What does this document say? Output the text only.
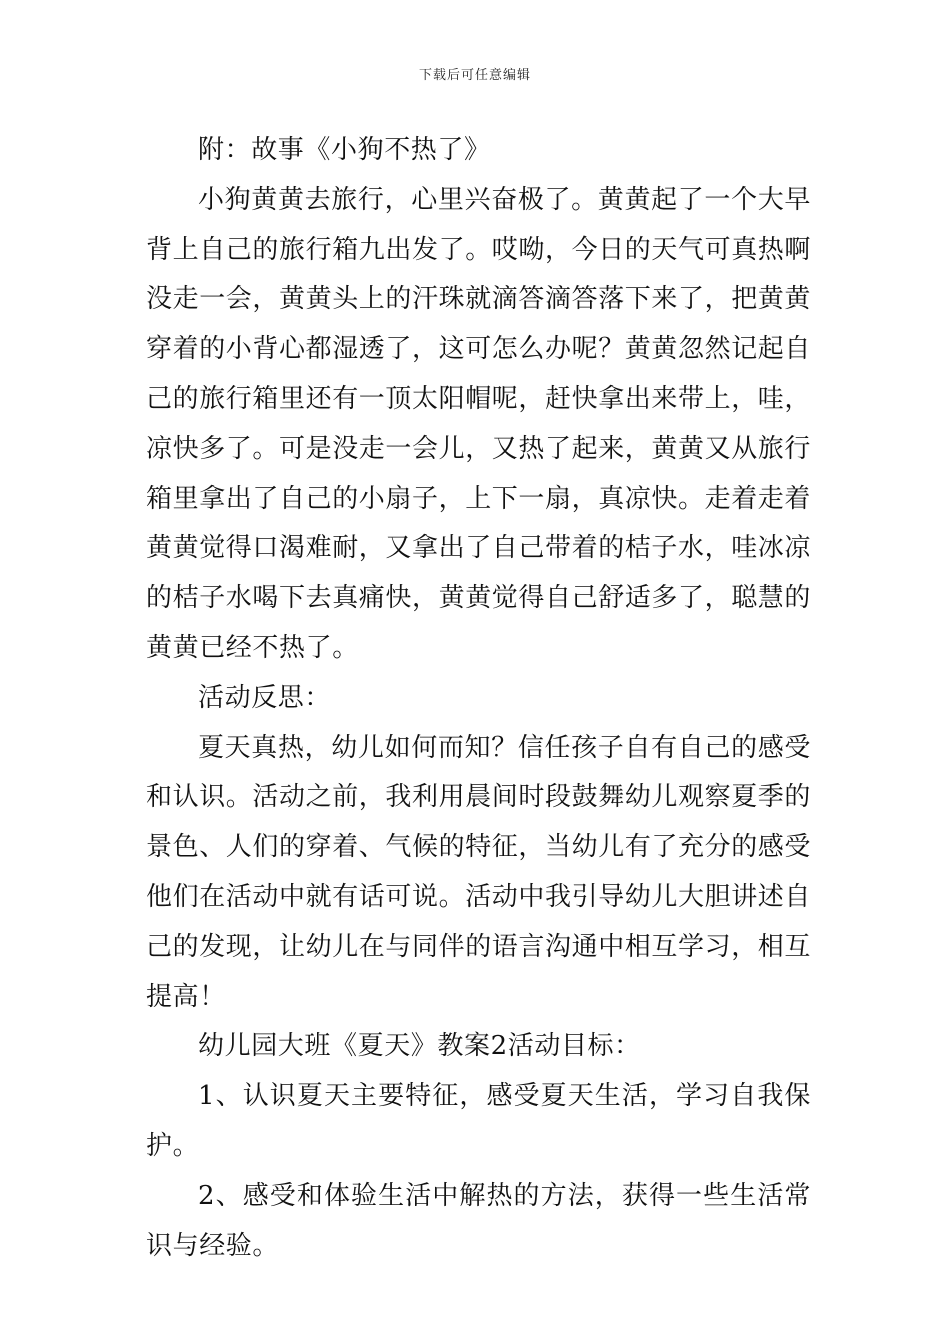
下载后可任意编辑

附：故事《小狗不热了》

小狗黄黄去旅行，心里兴奋极了。黄黄起了一个大早背上自己的旅行箱九出发了。哎呦，今日的天气可真热啊没走一会，黄黄头上的汗珠就滴答滴答落下来了，把黄黄穿着的小背心都湿透了，这可怎么办呢？黄黄忽然记起自己的旅行箱里还有一顶太阳帽呢，赶快拿出来带上，哇，凉快多了。可是没走一会儿，又热了起来，黄黄又从旅行箱里拿出了自己的小扇子，上下一扇，真凉快。走着走着黄黄觉得口渴难耐，又拿出了自己带着的桔子水，哇冰凉的桔子水喝下去真痛快，黄黄觉得自己舒适多了，聪慧的黄黄已经不热了。

活动反思：

夏天真热，幼儿如何而知？信任孩子自有自己的感受和认识。活动之前，我利用晨间时段鼓舞幼儿观察夏季的景色、人们的穿着、气候的特征，当幼儿有了充分的感受他们在活动中就有话可说。活动中我引导幼儿大胆讲述自己的发现，让幼儿在与同伴的语言沟通中相互学习，相互提高！

幼儿园大班《夏天》教案2活动目标：

1、认识夏天主要特征，感受夏天生活，学习自我保护。

2、感受和体验生活中解热的方法，获得一些生活常识与经验。
